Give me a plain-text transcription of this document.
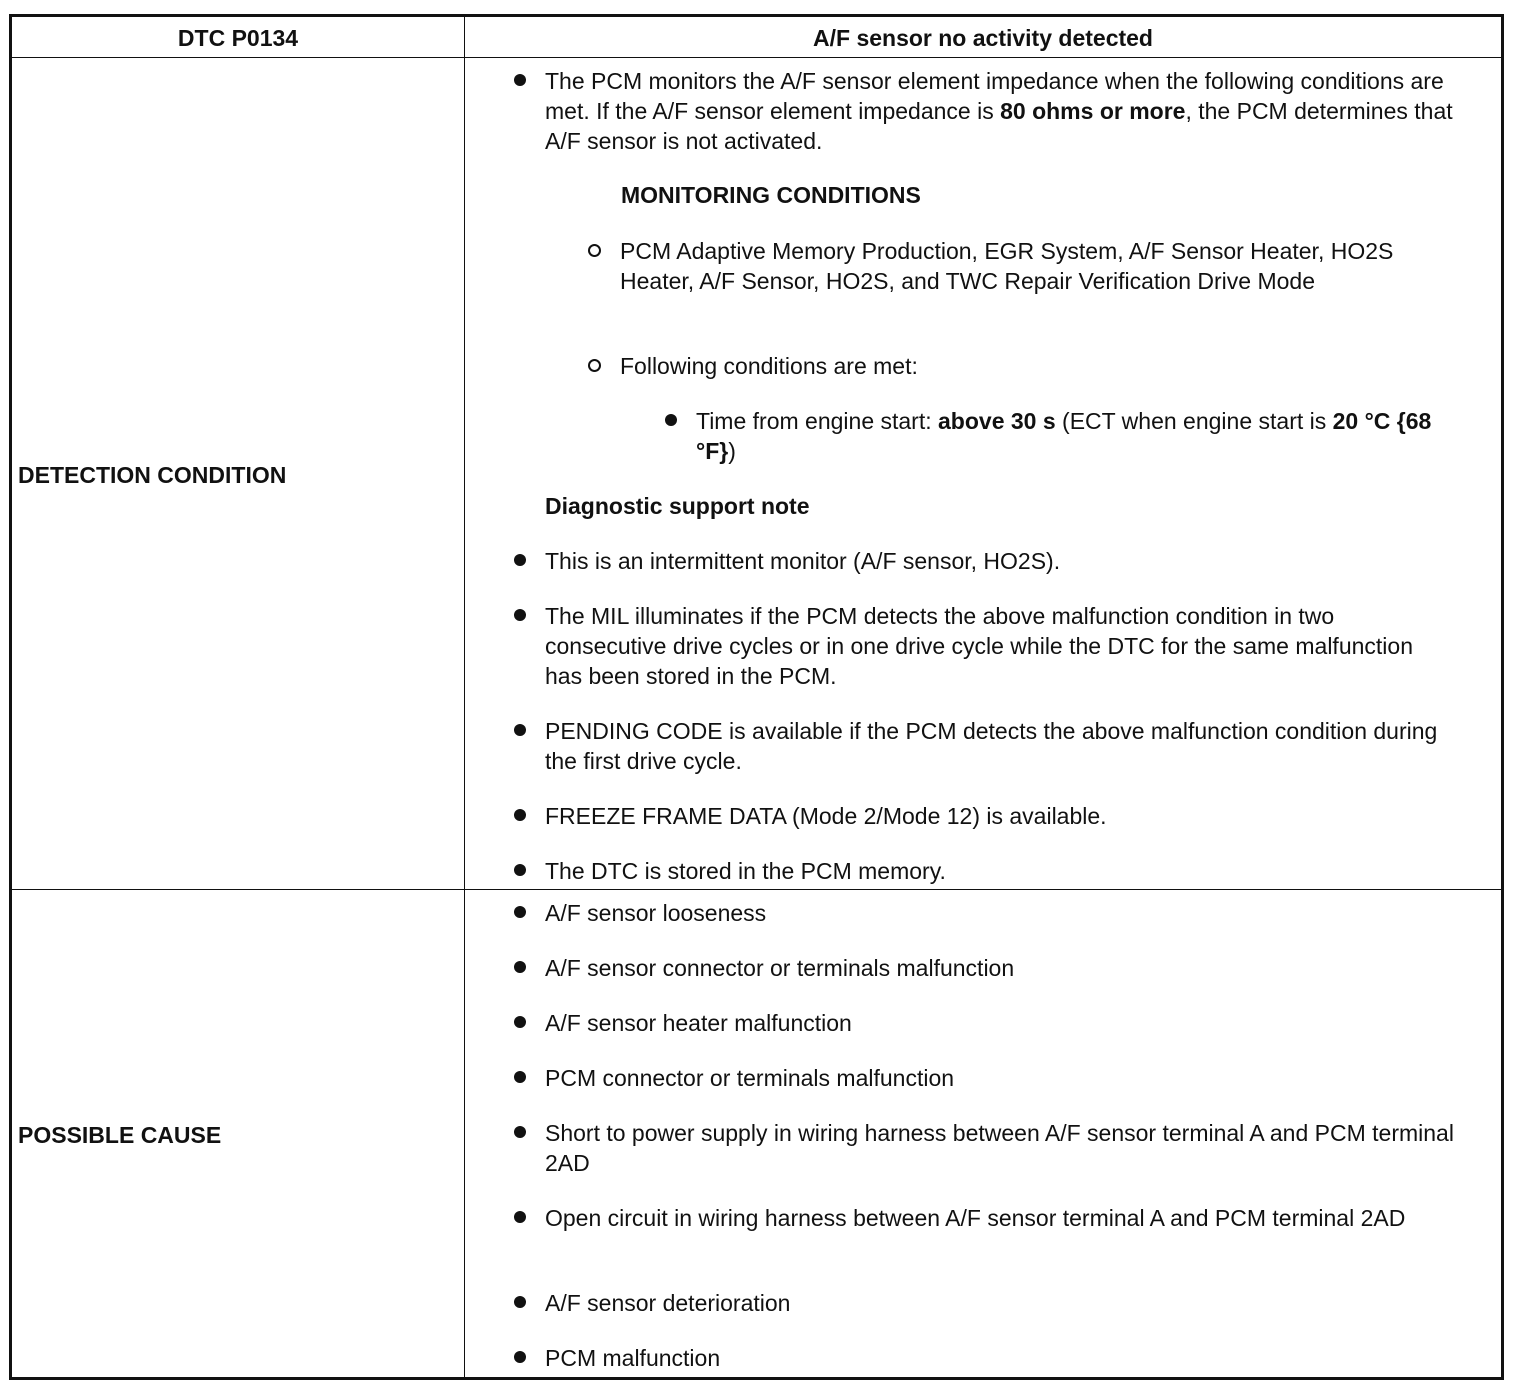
DTC P0134	A/F sensor no activity detected
DETECTION CONDITION
POSSIBLE CAUSE

The PCM monitors the A/F sensor element impedance when the following conditions are met. If the A/F sensor element impedance is 80 ohms or more, the PCM determines that A/F sensor is not activated.

MONITORING CONDITIONS

PCM Adaptive Memory Production, EGR System, A/F Sensor Heater, HO2S Heater, A/F Sensor, HO2S, and TWC Repair Verification Drive Mode

Following conditions are met:

Time from engine start: above 30 s (ECT when engine start is 20 °C {68 °F})

Diagnostic support note

This is an intermittent monitor (A/F sensor, HO2S).

The MIL illuminates if the PCM detects the above malfunction condition in two consecutive drive cycles or in one drive cycle while the DTC for the same malfunction has been stored in the PCM.

PENDING CODE is available if the PCM detects the above malfunction condition during the first drive cycle.

FREEZE FRAME DATA (Mode 2/Mode 12) is available.

The DTC is stored in the PCM memory.

A/F sensor looseness

A/F sensor connector or terminals malfunction

A/F sensor heater malfunction

PCM connector or terminals malfunction

Short to power supply in wiring harness between A/F sensor terminal A and PCM terminal 2AD

Open circuit in wiring harness between A/F sensor terminal A and PCM terminal 2AD

A/F sensor deterioration

PCM malfunction
